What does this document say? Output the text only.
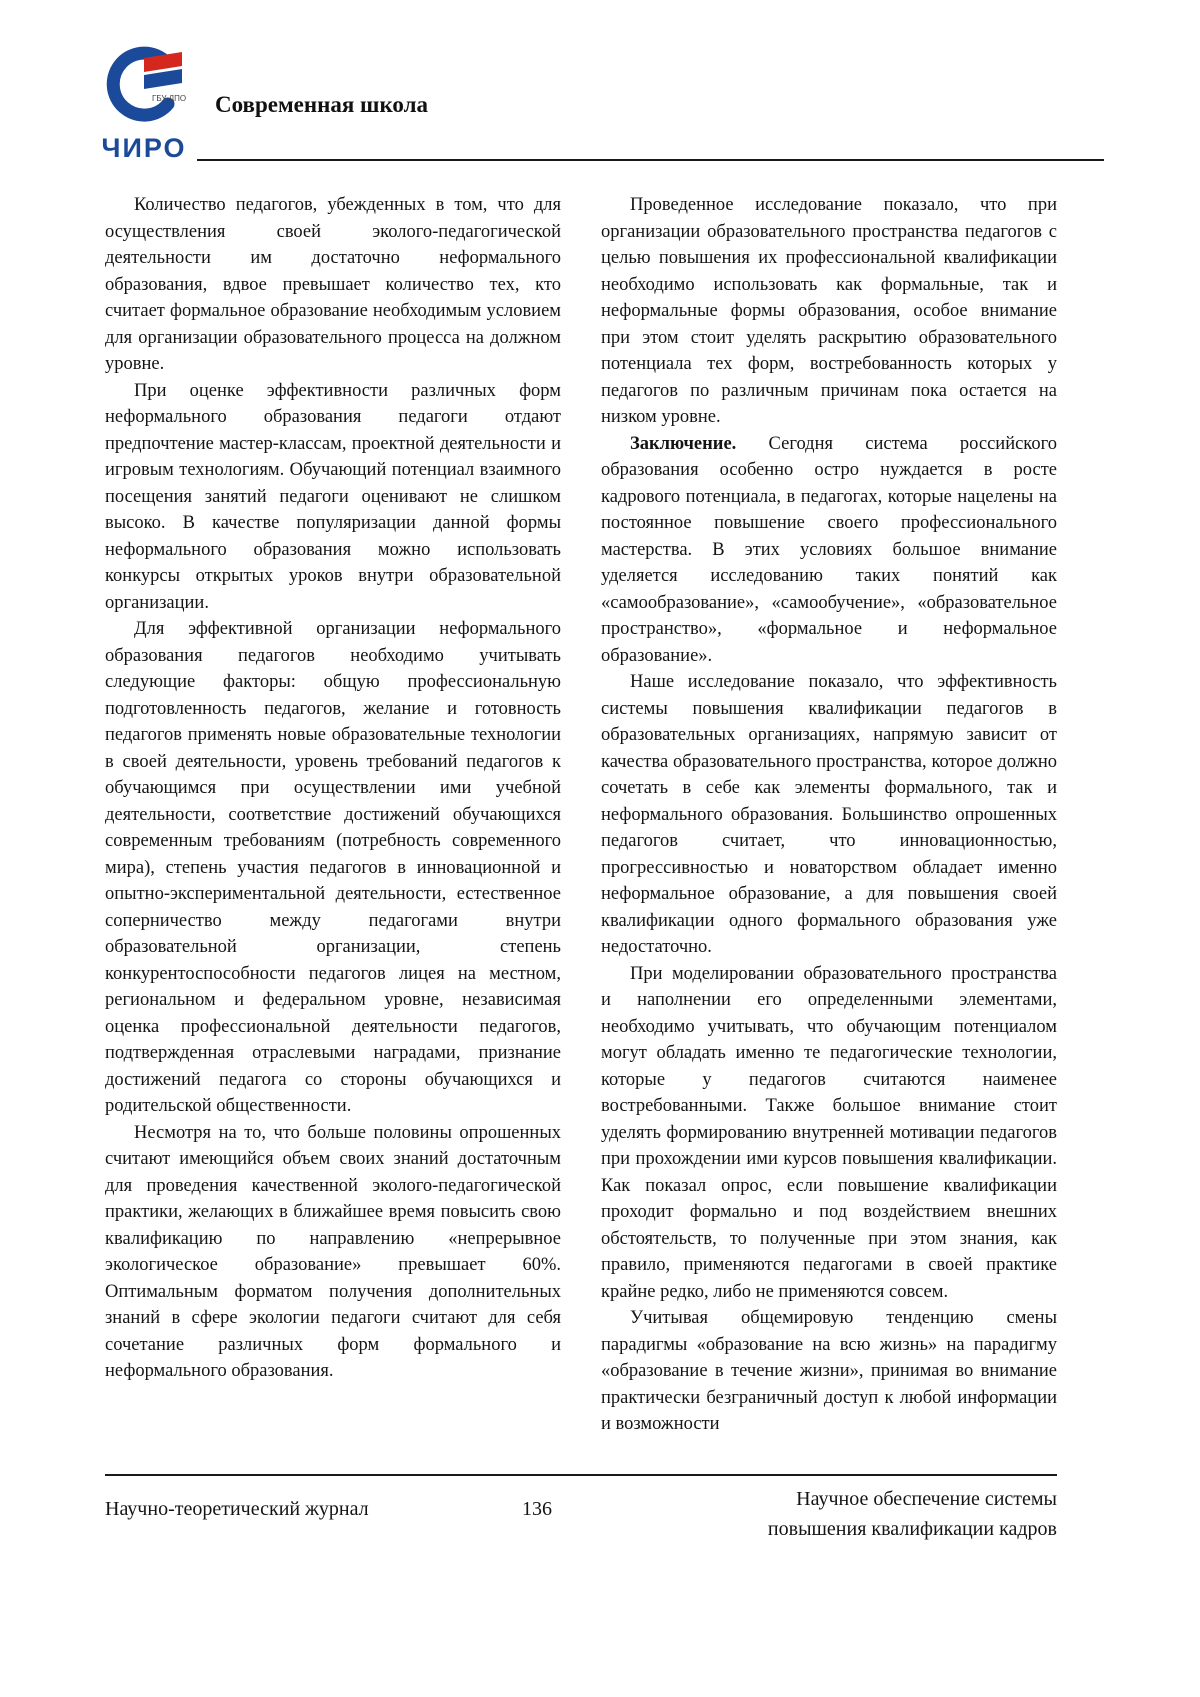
ГБУ ДПО
ЧИРО
Современная школа

Количество педагогов, убежденных в том, что для осуществления своей эколого-педагогической деятельности им достаточно неформального образования, вдвое превышает количество тех, кто считает формальное образование необходимым условием для организации образовательного процесса на должном уровне.

При оценке эффективности различных форм неформального образования педагоги отдают предпочтение мастер-классам, проектной деятельности и игровым технологиям. Обучающий потенциал взаимного посещения занятий педагоги оценивают не слишком высоко. В качестве популяризации данной формы неформального образования можно использовать конкурсы открытых уроков внутри образовательной организации.

Для эффективной организации неформального образования педагогов необходимо учитывать следующие факторы: общую профессиональную подготовленность педагогов, желание и готовность педагогов применять новые образовательные технологии в своей деятельности, уровень требований педагогов к обучающимся при осуществлении ими учебной деятельности, соответствие достижений обучающихся современным требованиям (потребность современного мира), степень участия педагогов в инновационной и опытно-экспериментальной деятельности, естественное соперничество между педагогами внутри образовательной организации, степень конкурентоспособности педагогов лицея на местном, региональном и федеральном уровне, независимая оценка профессиональной деятельности педагогов, подтвержденная отраслевыми наградами, признание достижений педагога со стороны обучающихся и родительской общественности.

Несмотря на то, что больше половины опрошенных считают имеющийся объем своих знаний достаточным для проведения качественной эколого-педагогической практики, желающих в ближайшее время повысить свою квалификацию по направлению «непрерывное экологическое образование» превышает 60%. Оптимальным форматом получения дополнительных знаний в сфере экологии педагоги считают для себя сочетание различных форм формального и неформального образования.

Проведенное исследование показало, что при организации образовательного пространства педагогов с целью повышения их профессиональной квалификации необходимо использовать как формальные, так и неформальные формы образования, особое внимание при этом стоит уделять раскрытию образовательного потенциала тех форм, востребованность которых у педагогов по различным причинам пока остается на низком уровне.

Заключение. Сегодня система российского образования особенно остро нуждается в росте кадрового потенциала, в педагогах, которые нацелены на постоянное повышение своего профессионального мастерства. В этих условиях большое внимание уделяется исследованию таких понятий как «самообразование», «самообучение», «образовательное пространство», «формальное и неформальное образование».

Наше исследование показало, что эффективность системы повышения квалификации педагогов в образовательных организациях, напрямую зависит от качества образовательного пространства, которое должно сочетать в себе как элементы формального, так и неформального образования. Большинство опрошенных педагогов считает, что инновационностью, прогрессивностью и новаторством обладает именно неформальное образование, а для повышения своей квалификации одного формального образования уже недостаточно.

При моделировании образовательного пространства и наполнении его определенными элементами, необходимо учитывать, что обучающим потенциалом могут обладать именно те педагогические технологии, которые у педагогов считаются наименее востребованными. Также большое внимание стоит уделять формированию внутренней мотивации педагогов при прохождении ими курсов повышения квалификации. Как показал опрос, если повышение квалификации проходит формально и под воздействием внешних обстоятельств, то полученные при этом знания, как правило, применяются педагогами в своей практике крайне редко, либо не применяются совсем.

Учитывая общемировую тенденцию смены парадигмы «образование на всю жизнь» на парадигму «образование в течение жизни», принимая во внимание практически безграничный доступ к любой информации и возможности

Научно-теоретический журнал	136	Научное обеспечение системы
повышения квалификации кадров
